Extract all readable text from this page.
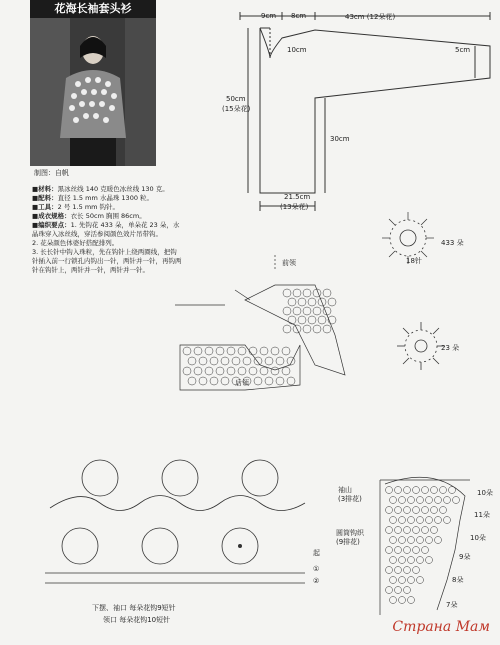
花海长袖套头衫
制图：自帆
■材料：黑冰丝线 140 克暖色冰丝线 130 克。
■配料：直径 1.5 mm 水晶珠 1300 粒。
■工具：2 号 1.5 mm 钩针。
■成衣规格：衣长 50cm 胸围 86cm。
■编织要点：1. 先钩花 433 朵，单朵花 23 朵，水晶珠穿入冰丝线，穿活参阅颜色效片吊带钩。
2. 花朵颜色体婆好搭配排列。
3. 长长针中钩入珠粒，先在钩针上绕两圈线，把钩针插入前一行锁孔内钩出一针，两针并一针，再钩两针在钩针上，两针并一针，两针并一针。
9cm 8cm	43cm (12朵花)
10cm	5cm
50cm
(15朵花)
30cm
21.5cm
(13朵花)
433 朵
18针
23 朵
前领
后领
起
①
②
下摆、袖口 每朵花钩9短针
领口 每朵花钩10短针
袖山
(3排花)
圆筒钩织
(9排花)
10朵
11朵
10朵
9朵
8朵
7朵
Страна Мам
